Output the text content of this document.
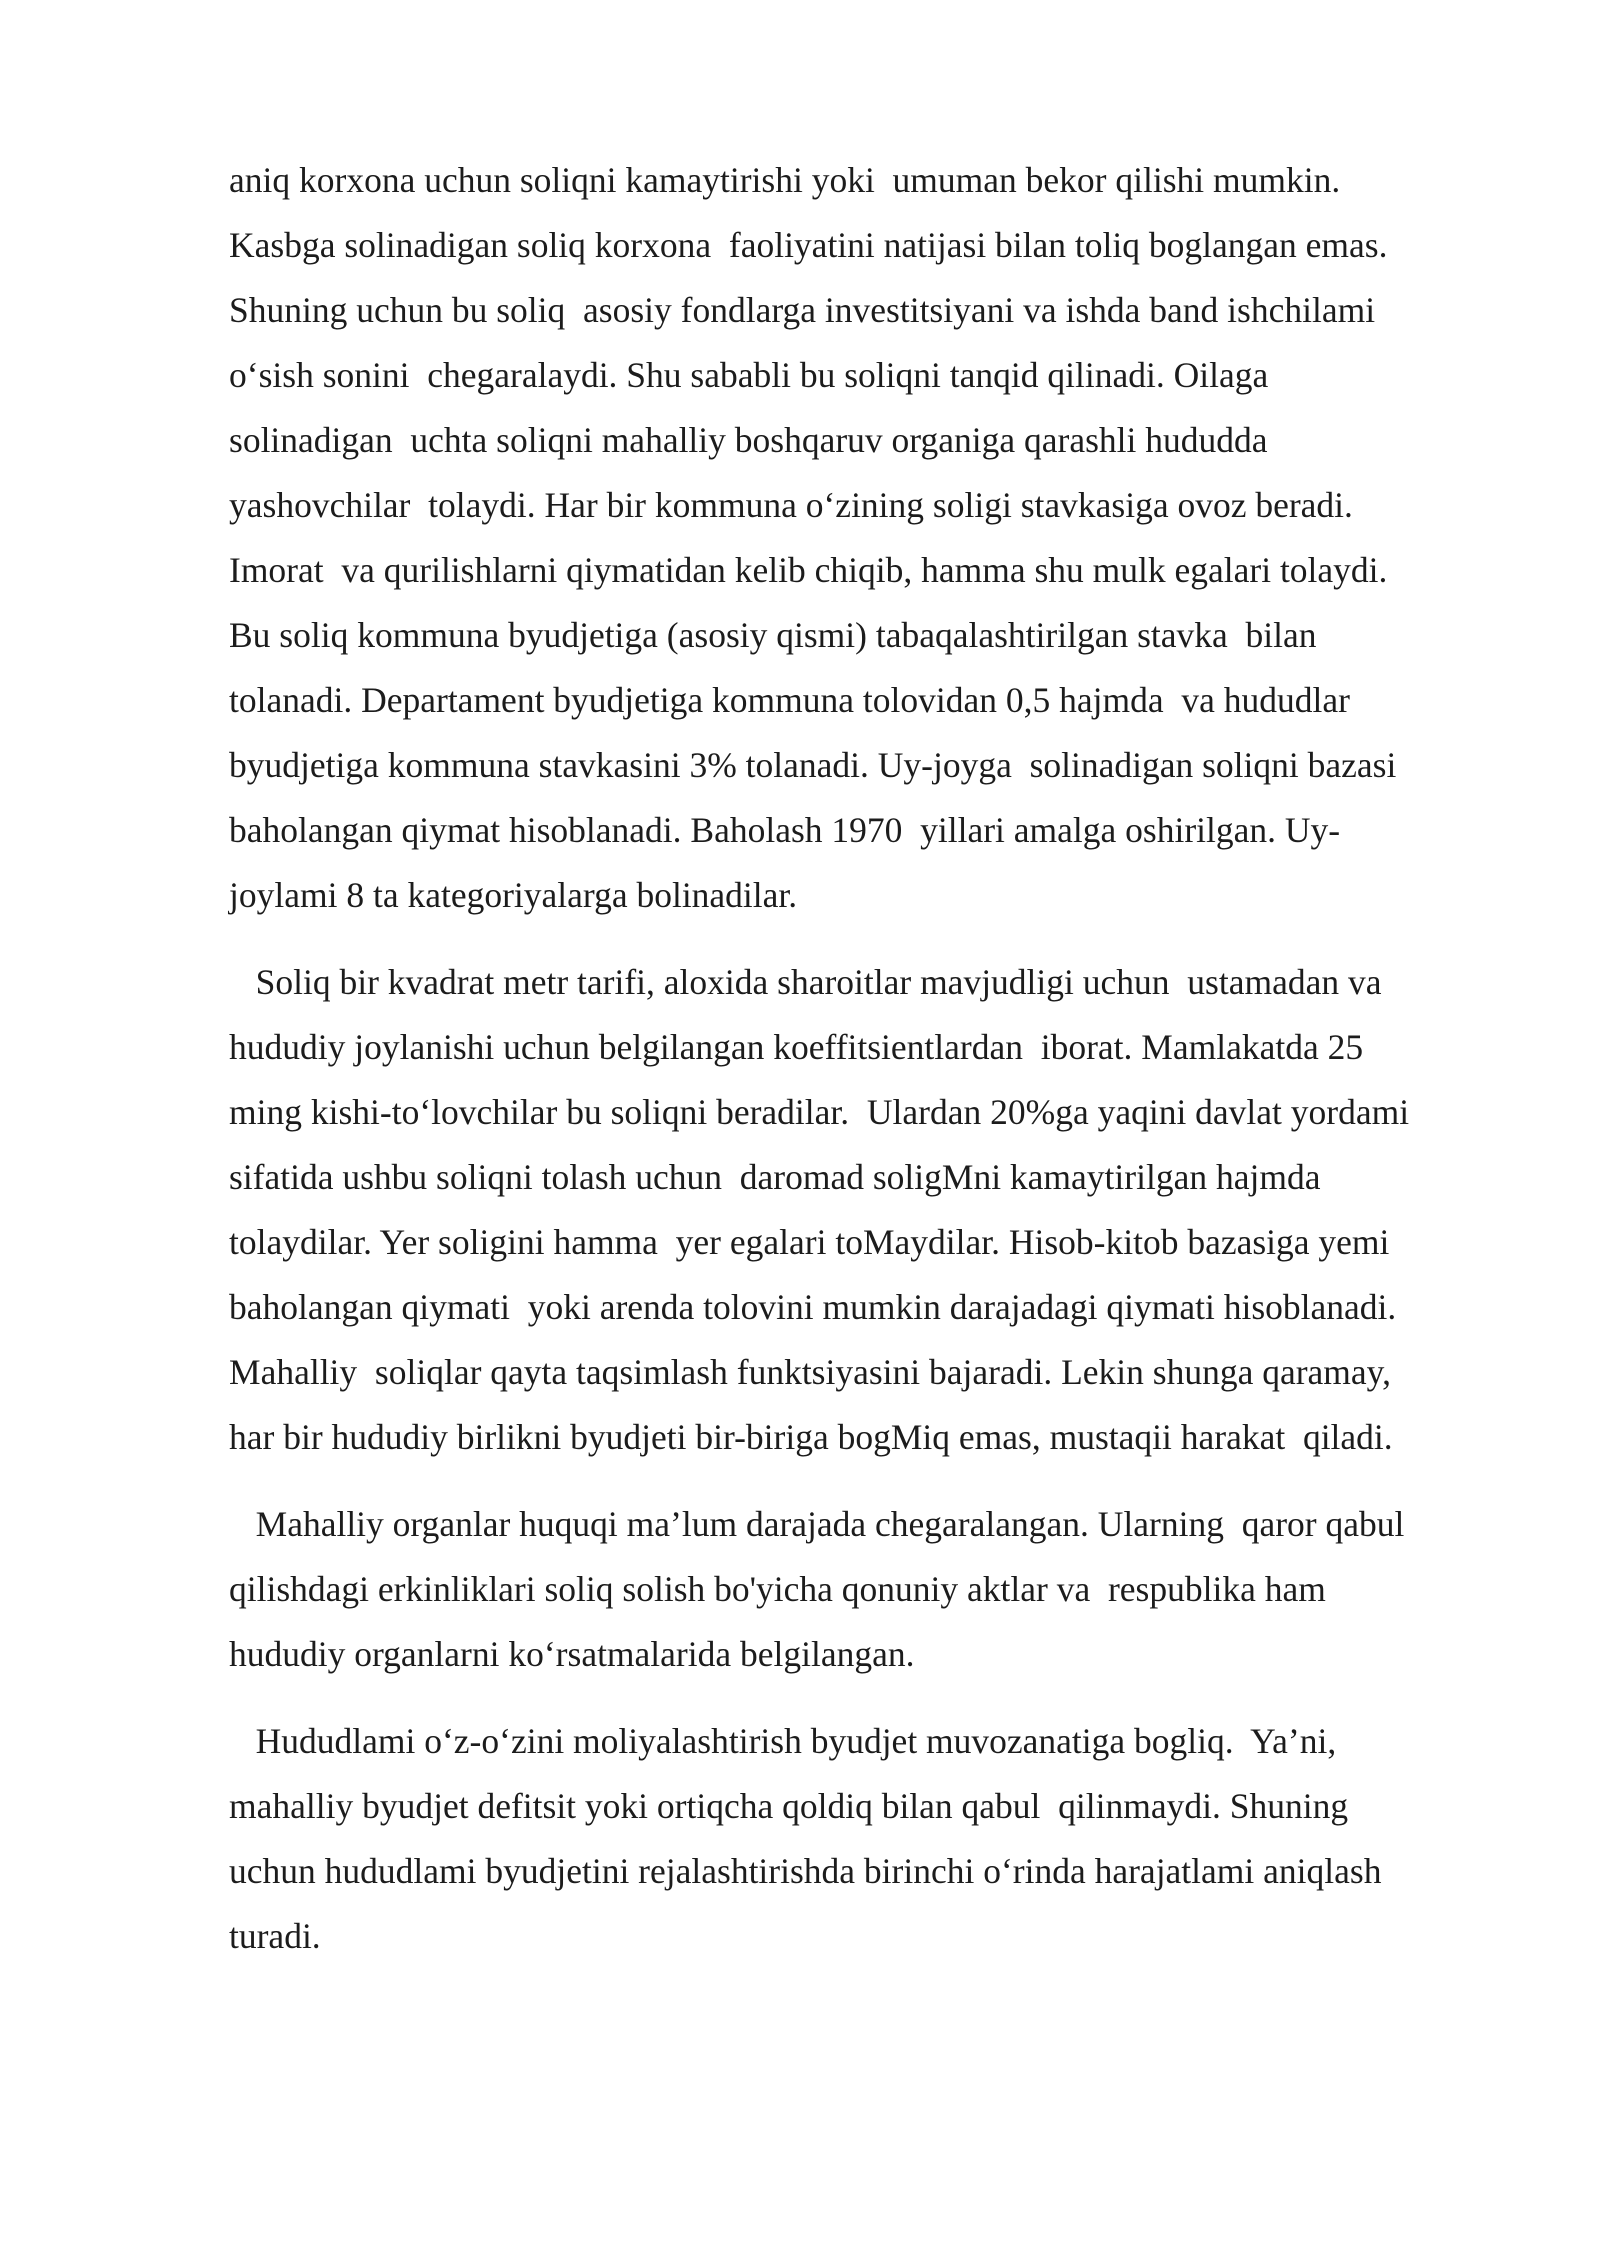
aniq korxona uchun soliqni kamaytirishi yoki  umuman bekor qilishi mumkin.
Kasbga solinadigan soliq korxona  faoliyatini natijasi bilan toliq boglangan emas.
Shuning uchun bu soliq  asosiy fondlarga investitsiyani va ishda band ishchilami
o‘sish sonini  chegaralaydi. Shu sababli bu soliqni tanqid qilinadi. Oilaga
solinadigan  uchta soliqni mahalliy boshqaruv organiga qarashli hududda
yashovchilar  tolaydi. Har bir kommuna o‘zining soligi stavkasiga ovoz beradi.
Imorat  va qurilishlarni qiymatidan kelib chiqib, hamma shu mulk egalari tolaydi.
Bu soliq kommuna byudjetiga (asosiy qismi) tabaqalashtirilgan stavka  bilan
tolanadi. Departament byudjetiga kommuna tolovidan 0,5 hajmda  va hududlar
byudjetiga kommuna stavkasini 3% tolanadi. Uy-joyga  solinadigan soliqni bazasi
baholangan qiymat hisoblanadi. Baholash 1970  yillari amalga oshirilgan. Uy-
joylami 8 ta kategoriyalarga bolinadilar.

Soliq bir kvadrat metr tarifi, aloxida sharoitlar mavjudligi uchun  ustamadan va
hududiy joylanishi uchun belgilangan koeffitsientlardan  iborat. Mamlakatda 25
ming kishi-to‘lovchilar bu soliqni beradilar.  Ulardan 20%ga yaqini davlat yordami
sifatida ushbu soliqni tolash uchun  daromad soligMni kamaytirilgan hajmda
tolaydilar. Yer soligini hamma  yer egalari toMaydilar. Hisob-kitob bazasiga yemi
baholangan qiymati  yoki arenda tolovini mumkin darajadagi qiymati hisoblanadi.
Mahalliy  soliqlar qayta taqsimlash funktsiyasini bajaradi. Lekin shunga qaramay,
har bir hududiy birlikni byudjeti bir-biriga bogMiq emas, mustaqii harakat  qiladi.

Mahalliy organlar huquqi ma’lum darajada chegaralangan. Ularning  qaror qabul
qilishdagi erkinliklari soliq solish bo'yicha qonuniy aktlar va  respublika ham
hududiy organlarni ko‘rsatmalarida belgilangan.

Hududlami o‘z-o‘zini moliyalashtirish byudjet muvozanatiga bogliq.  Ya’ni,
mahalliy byudjet defitsit yoki ortiqcha qoldiq bilan qabul  qilinmaydi. Shuning
uchun hududlami byudjetini rejalashtirishda birinchi o‘rinda harajatlami aniqlash
turadi.
